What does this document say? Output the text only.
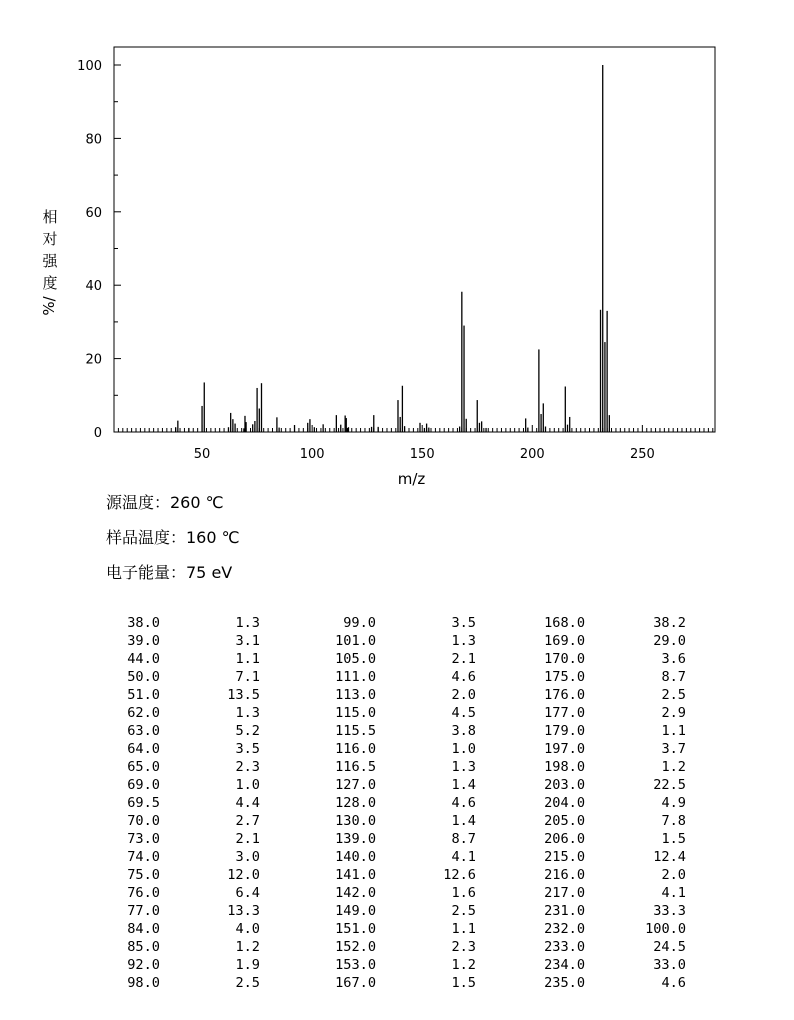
50	100	150	200	250
0
20
40
60
80
100
m/z
相
对
强
度
%/
源温度：260 ℃
样品温度：160 ℃
电子能量：75 eV
38.0	1.3
39.0	3.1
44.0	1.1
50.0	7.1
51.0	13.5
62.0	1.3
63.0	5.2
64.0	3.5
65.0	2.3
69.0	1.0
69.5	4.4
70.0	2.7
73.0	2.1
74.0	3.0
75.0	12.0
76.0	6.4
77.0	13.3
84.0	4.0
85.0	1.2
92.0	1.9
98.0	2.5
99.0	3.5
101.0	1.3
105.0	2.1
111.0	4.6
113.0	2.0
115.0	4.5
115.5	3.8
116.0	1.0
116.5	1.3
127.0	1.4
128.0	4.6
130.0	1.4
139.0	8.7
140.0	4.1
141.0	12.6
142.0	1.6
149.0	2.5
151.0	1.1
152.0	2.3
153.0	1.2
167.0	1.5
168.0	38.2
169.0	29.0
170.0	3.6
175.0	8.7
176.0	2.5
177.0	2.9
179.0	1.1
197.0	3.7
198.0	1.2
203.0	22.5
204.0	4.9
205.0	7.8
206.0	1.5
215.0	12.4
216.0	2.0
217.0	4.1
231.0	33.3
232.0	100.0
233.0	24.5
234.0	33.0
235.0	4.6
